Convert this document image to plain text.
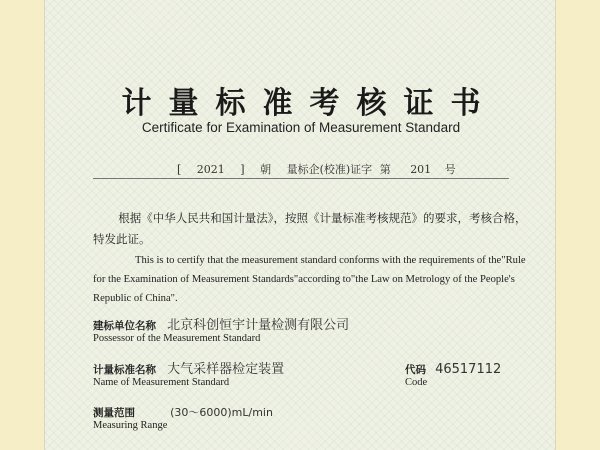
计量标准考核证书
Certificate for Examination of Measurement Standard
[ 2021 ] 朝 量标企(校准)证字 第 201 号
根据《中华人民共和国计量法》，按照《计量标准考核规范》的要求，考核合格，特发此证。
This is to certify that the measurement standard conforms with the requirements of the"Rule for the Examination of Measurement Standards"according to"the Law on Metrology of the People's Republic of China".
建标单位名称 北京科创恒宇计量检测有限公司
Possessor of the Measurement Standard
计量标准名称 大气采样器检定装置
Name of Measurement Standard
代码 46517112
Code
测量范围	(30～6000)mL/min
Measuring Range
